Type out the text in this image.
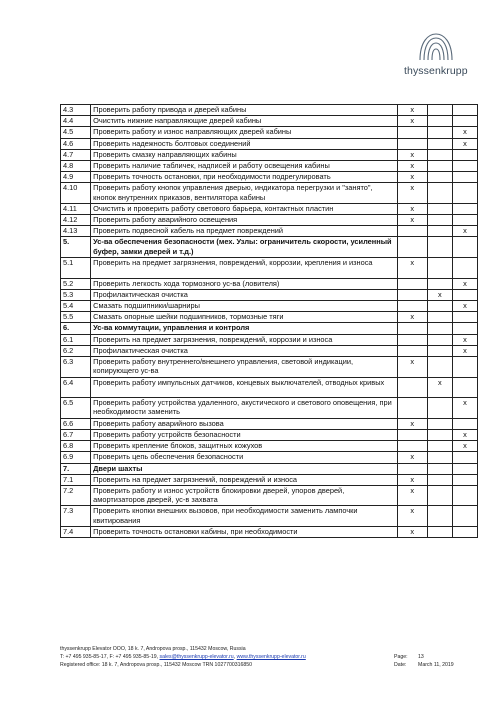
thyssenkrupp
4.3	Проверить работу привода и дверей кабины	x		
4.4	Очистить нижние направляющие дверей кабины	x		
4.5	Проверить работу и износ направляющих дверей кабины			x
4.6	Проверить надежность болтовых соединений			x
4.7	Проверить смазку направляющих кабины	x		
4.8	Проверить наличие табличек, надписей и работу освещения кабины	x		
4.9	Проверить точность остановки, при необходимости подрегулировать	x		
4.10	Проверить работу кнопок управления дверью, индикатора перегрузки и "занято", кнопок внутренних приказов, вентилятора кабины	x		
4.11	Очистить и проверить работу светового барьера, контактных пластин	x		
4.12	Проверить работу аварийного освещения	x		
4.13	Проверить подвесной кабель на предмет повреждений			x
5.	Ус-ва обеспечения безопасности (мех. Узлы: ограничитель скорости, усиленный буфер, замки дверей и т.д.)			
5.1	Проверить на предмет загрязнения, повреждений, коррозии, крепления и износа	x		
5.2	Проверить легкость хода тормозного ус-ва (ловителя)			x
5.3	Профилактическая очистка		x	
5.4	Смазать подшипники/шарниры			x
5.5	Смазать опорные шейки подшипников, тормозные тяги	x		
6.	Ус-ва коммутации, управления и контроля			
6.1	Проверить на предмет загрязнения, повреждений, коррозии и износа			x
6.2	Профилактическая очистка			x
6.3	Проверить работу внутреннего/внешнего управления, световой индикации, копирующего ус-ва	x		
6.4	Проверить работу импульсных датчиков, концевых выключателей, отводных кривых		x	
6.5	Проверить работу устройства удаленного, акустического и светового оповещения, при необходимости заменить			x
6.6	Проверить работу аварийного вызова	x		
6.7	Проверить работу устройств безопасности			x
6.8	Проверить крепление блоков, защитных кожухов			x
6.9	Проверить цепь обеспечения безопасности	x		
7.	Двери шахты			
7.1	Проверить на предмет загрязнений, повреждений и износа	x		
7.2	Проверить работу и износ устройств блокировки дверей, упоров дверей, амортизаторов дверей, ус-в захвата	x		
7.3	Проверить кнопки внешних вызовов, при необходимости заменить лампочки квитирования	x		
7.4	Проверить точность остановки кабины, при необходимости	x		
thyssenkrupp Elevator ООО, 18 k. 7, Andropova prosp., 115432 Moscow, Russia
T: +7 495 935-85-17, F: +7 495 935-85-19, sales@thyssenkrupp-elevator.ru, www.thyssenkrupp-elevator.ru	Page: 13
Registered office: 18 k. 7, Andropova prosp., 115432 Moscow TRN 1027700316850	Date: March 11, 2019
